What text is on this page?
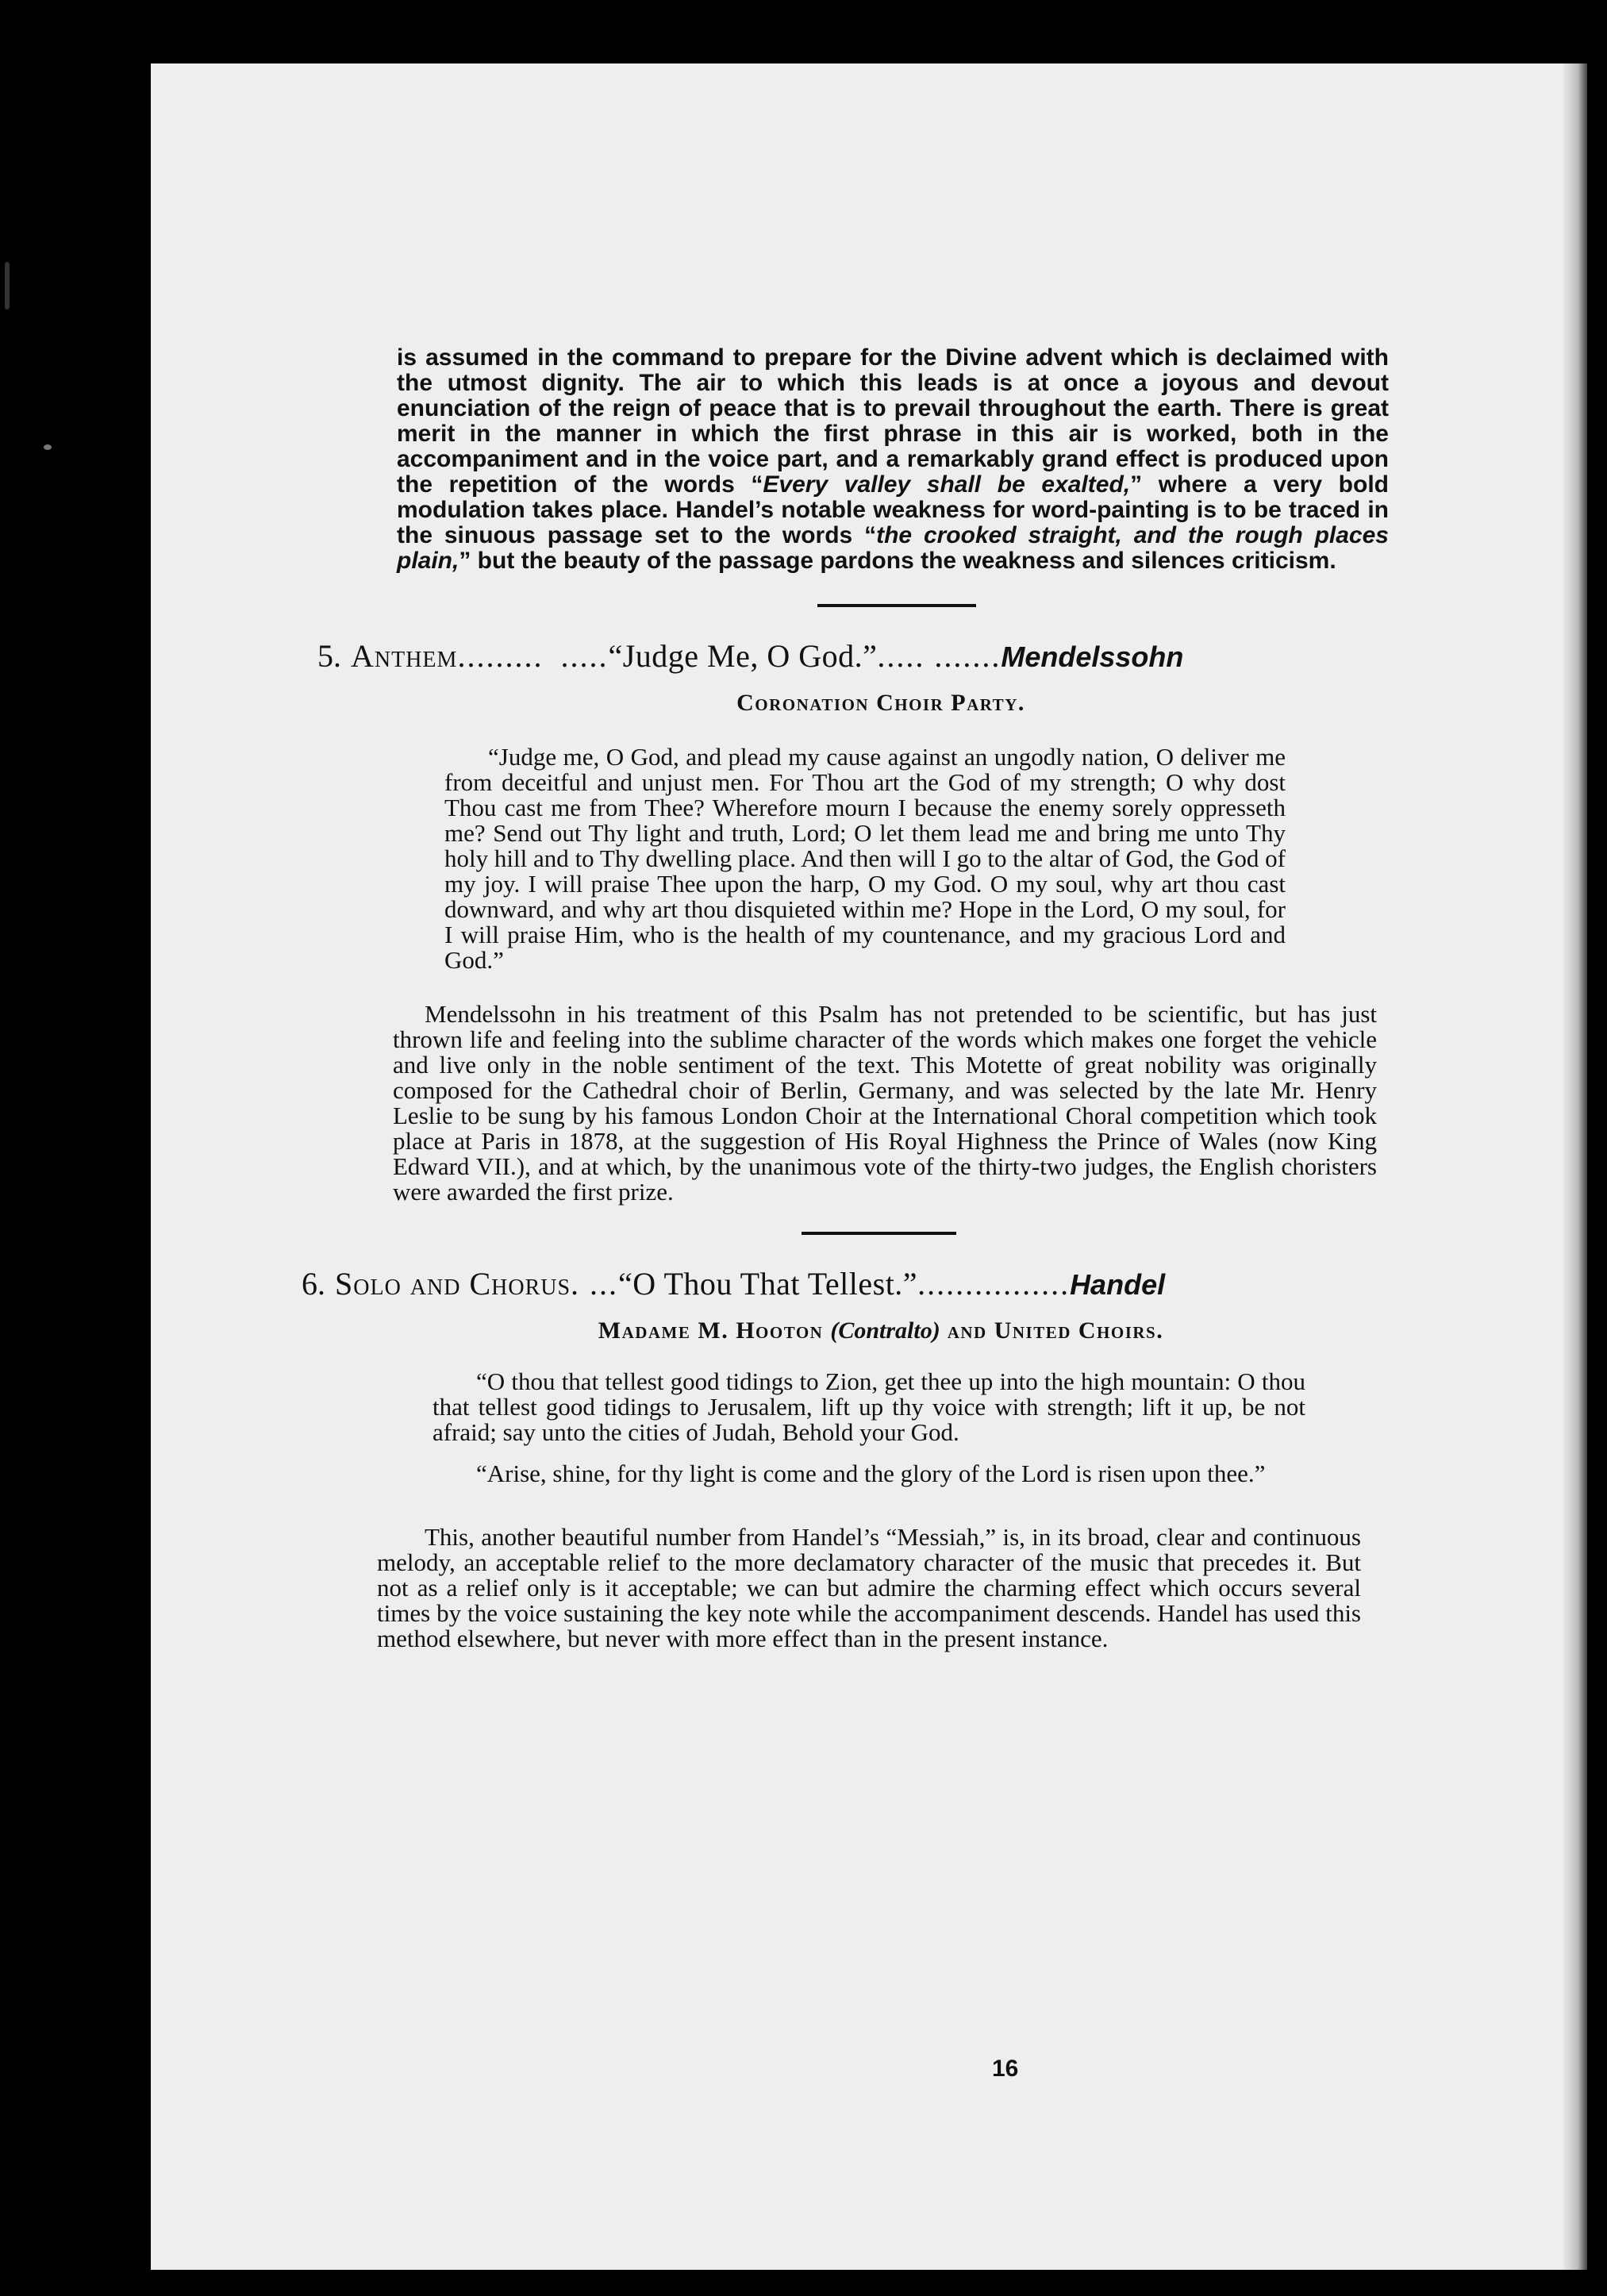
is assumed in the command to prepare for the Divine advent which is declaimed with the utmost dignity. The air to which this leads is at once a joyous and devout enunciation of the reign of peace that is to prevail throughout the earth. There is great merit in the manner in which the first phrase in this air is worked, both in the accompaniment and in the voice part, and a remarkably grand effect is produced upon the repetition of the words “Every valley shall be exalted,” where a very bold modulation takes place. Handel’s notable weakness for word-painting is to be traced in the sinuous passage set to the words “the crooked straight, and the rough places plain,” but the beauty of the passage pardons the weakness and silences criticism.

5. Anthem ......... ..... “Judge Me, O God.” ..... ....... Mendelssohn
Coronation Choir Party.

“Judge me, O God, and plead my cause against an ungodly nation, O deliver me from deceitful and unjust men. For Thou art the God of my strength; O why dost Thou cast me from Thee? Wherefore mourn I because the enemy sorely oppresseth me? Send out Thy light and truth, Lord; O let them lead me and bring me unto Thy holy hill and to Thy dwelling place. And then will I go to the altar of God, the God of my joy. I will praise Thee upon the harp, O my God. O my soul, why art thou cast downward, and why art thou disquieted within me? Hope in the Lord, O my soul, for I will praise Him, who is the health of my countenance, and my gracious Lord and God.”

Mendelssohn in his treatment of this Psalm has not pretended to be scientific, but has just thrown life and feeling into the sublime character of the words which makes one forget the vehicle and live only in the noble sentiment of the text. This Motette of great nobility was originally composed for the Cathedral choir of Berlin, Germany, and was selected by the late Mr. Henry Leslie to be sung by his famous London Choir at the International Choral competition which took place at Paris in 1878, at the suggestion of His Royal Highness the Prince of Wales (now King Edward VII.), and at which, by the unanimous vote of the thirty-two judges, the English choristers were awarded the first prize.

6. Solo and Chorus . ... “O Thou That Tellest.” ................ Handel
Madame M. Hooton (Contralto) and United Choirs.

“O thou that tellest good tidings to Zion, get thee up into the high mountain: O thou that tellest good tidings to Jerusalem, lift up thy voice with strength; lift it up, be not afraid; say unto the cities of Judah, Behold your God.

“Arise, shine, for thy light is come and the glory of the Lord is risen upon thee.”

This, another beautiful number from Handel’s “Messiah,” is, in its broad, clear and continuous melody, an acceptable relief to the more declamatory character of the music that precedes it. But not as a relief only is it acceptable; we can but admire the charming effect which occurs several times by the voice sustaining the key note while the accompaniment descends. Handel has used this method elsewhere, but never with more effect than in the present instance.

16
